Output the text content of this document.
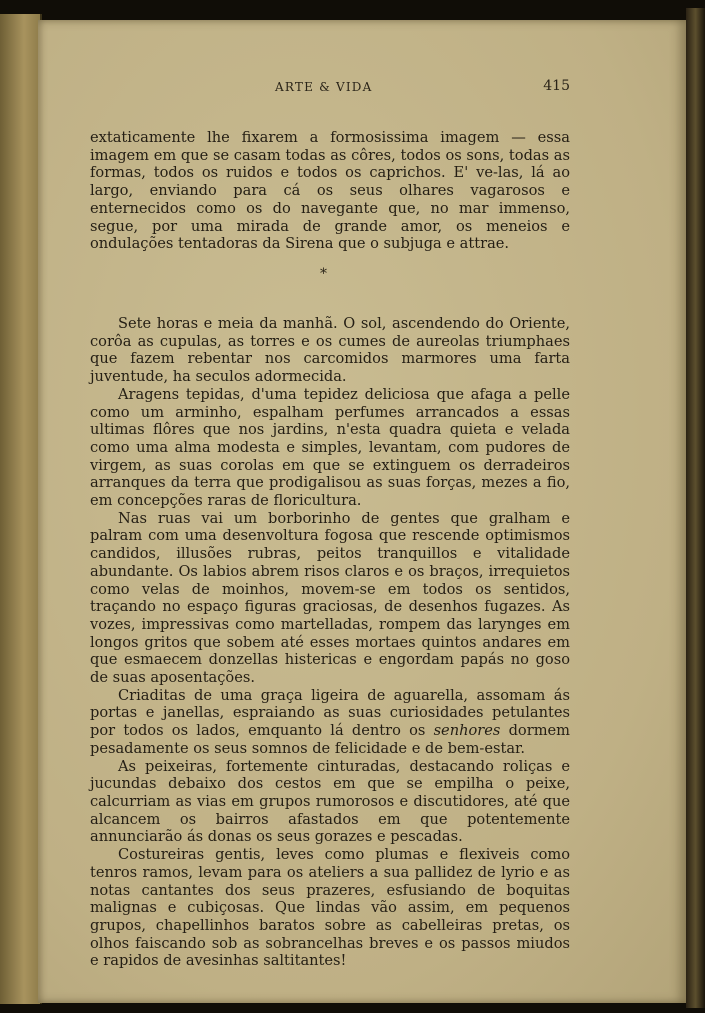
ARTE & VIDA	415

extaticamente lhe fixarem a formosissima imagem — essa imagem em que se casam todas as côres, todos os sons, todas as formas, todos os ruidos e todos os caprichos. E' ve-las, lá ao largo, enviando para cá os seus olhares vagarosos e enternecidos como os do navegante que, no mar immenso, segue, por uma mirada de grande amor, os meneios e ondulações tentadoras da Sirena que o subjuga e attrae.

*

Sete horas e meia da manhã. O sol, ascendendo do Oriente, corôa as cupulas, as torres e os cumes de aureolas triumphaes que fazem rebentar nos carcomidos marmores uma farta juventude, ha seculos adormecida.

Aragens tepidas, d'uma tepidez deliciosa que afaga a pelle como um arminho, espalham perfumes arrancados a essas ultimas flôres que nos jardins, n'esta quadra quieta e velada como uma alma modesta e simples, levantam, com pudores de virgem, as suas corolas em que se extinguem os derradeiros arranques da terra que prodigalisou as suas forças, mezes a fio, em concepções raras de floricultura.

Nas ruas vai um borborinho de gentes que gralham e palram com uma desenvoltura fogosa que rescende optimismos candidos, illusões rubras, peitos tranquillos e vitalidade abundante. Os labios abrem risos claros e os braços, irrequietos como velas de moinhos, movem-se em todos os sentidos, traçando no espaço figuras graciosas, de desenhos fugazes. As vozes, impressivas como martelladas, rompem das larynges em longos gritos que sobem até esses mortaes quintos andares em que esmaecem donzellas histericas e engordam papás no goso de suas aposentações.

Criaditas de uma graça ligeira de aguarella, assomam ás portas e janellas, espraiando as suas curiosidades petulantes por todos os lados, emquanto lá dentro os senhores dormem pesadamente os seus somnos de felicidade e de bem-estar.

As peixeiras, fortemente cinturadas, destacando roliças e jucundas debaixo dos cestos em que se empilha o peixe, calcurriam as vias em grupos rumorosos e discutidores, até que alcancem os bairros afastados em que potentemente annunciarão ás donas os seus gorazes e pescadas.

Costureiras gentis, leves como plumas e flexiveis como tenros ramos, levam para os ateliers a sua pallidez de lyrio e as notas cantantes dos seus prazeres, esfusiando de boquitas malignas e cubiçosas. Que lindas vão assim, em pequenos grupos, chapellinhos baratos sobre as cabelleiras pretas, os olhos faiscando sob as sobrancelhas breves e os passos miudos e rapidos de avesinhas saltitantes!
